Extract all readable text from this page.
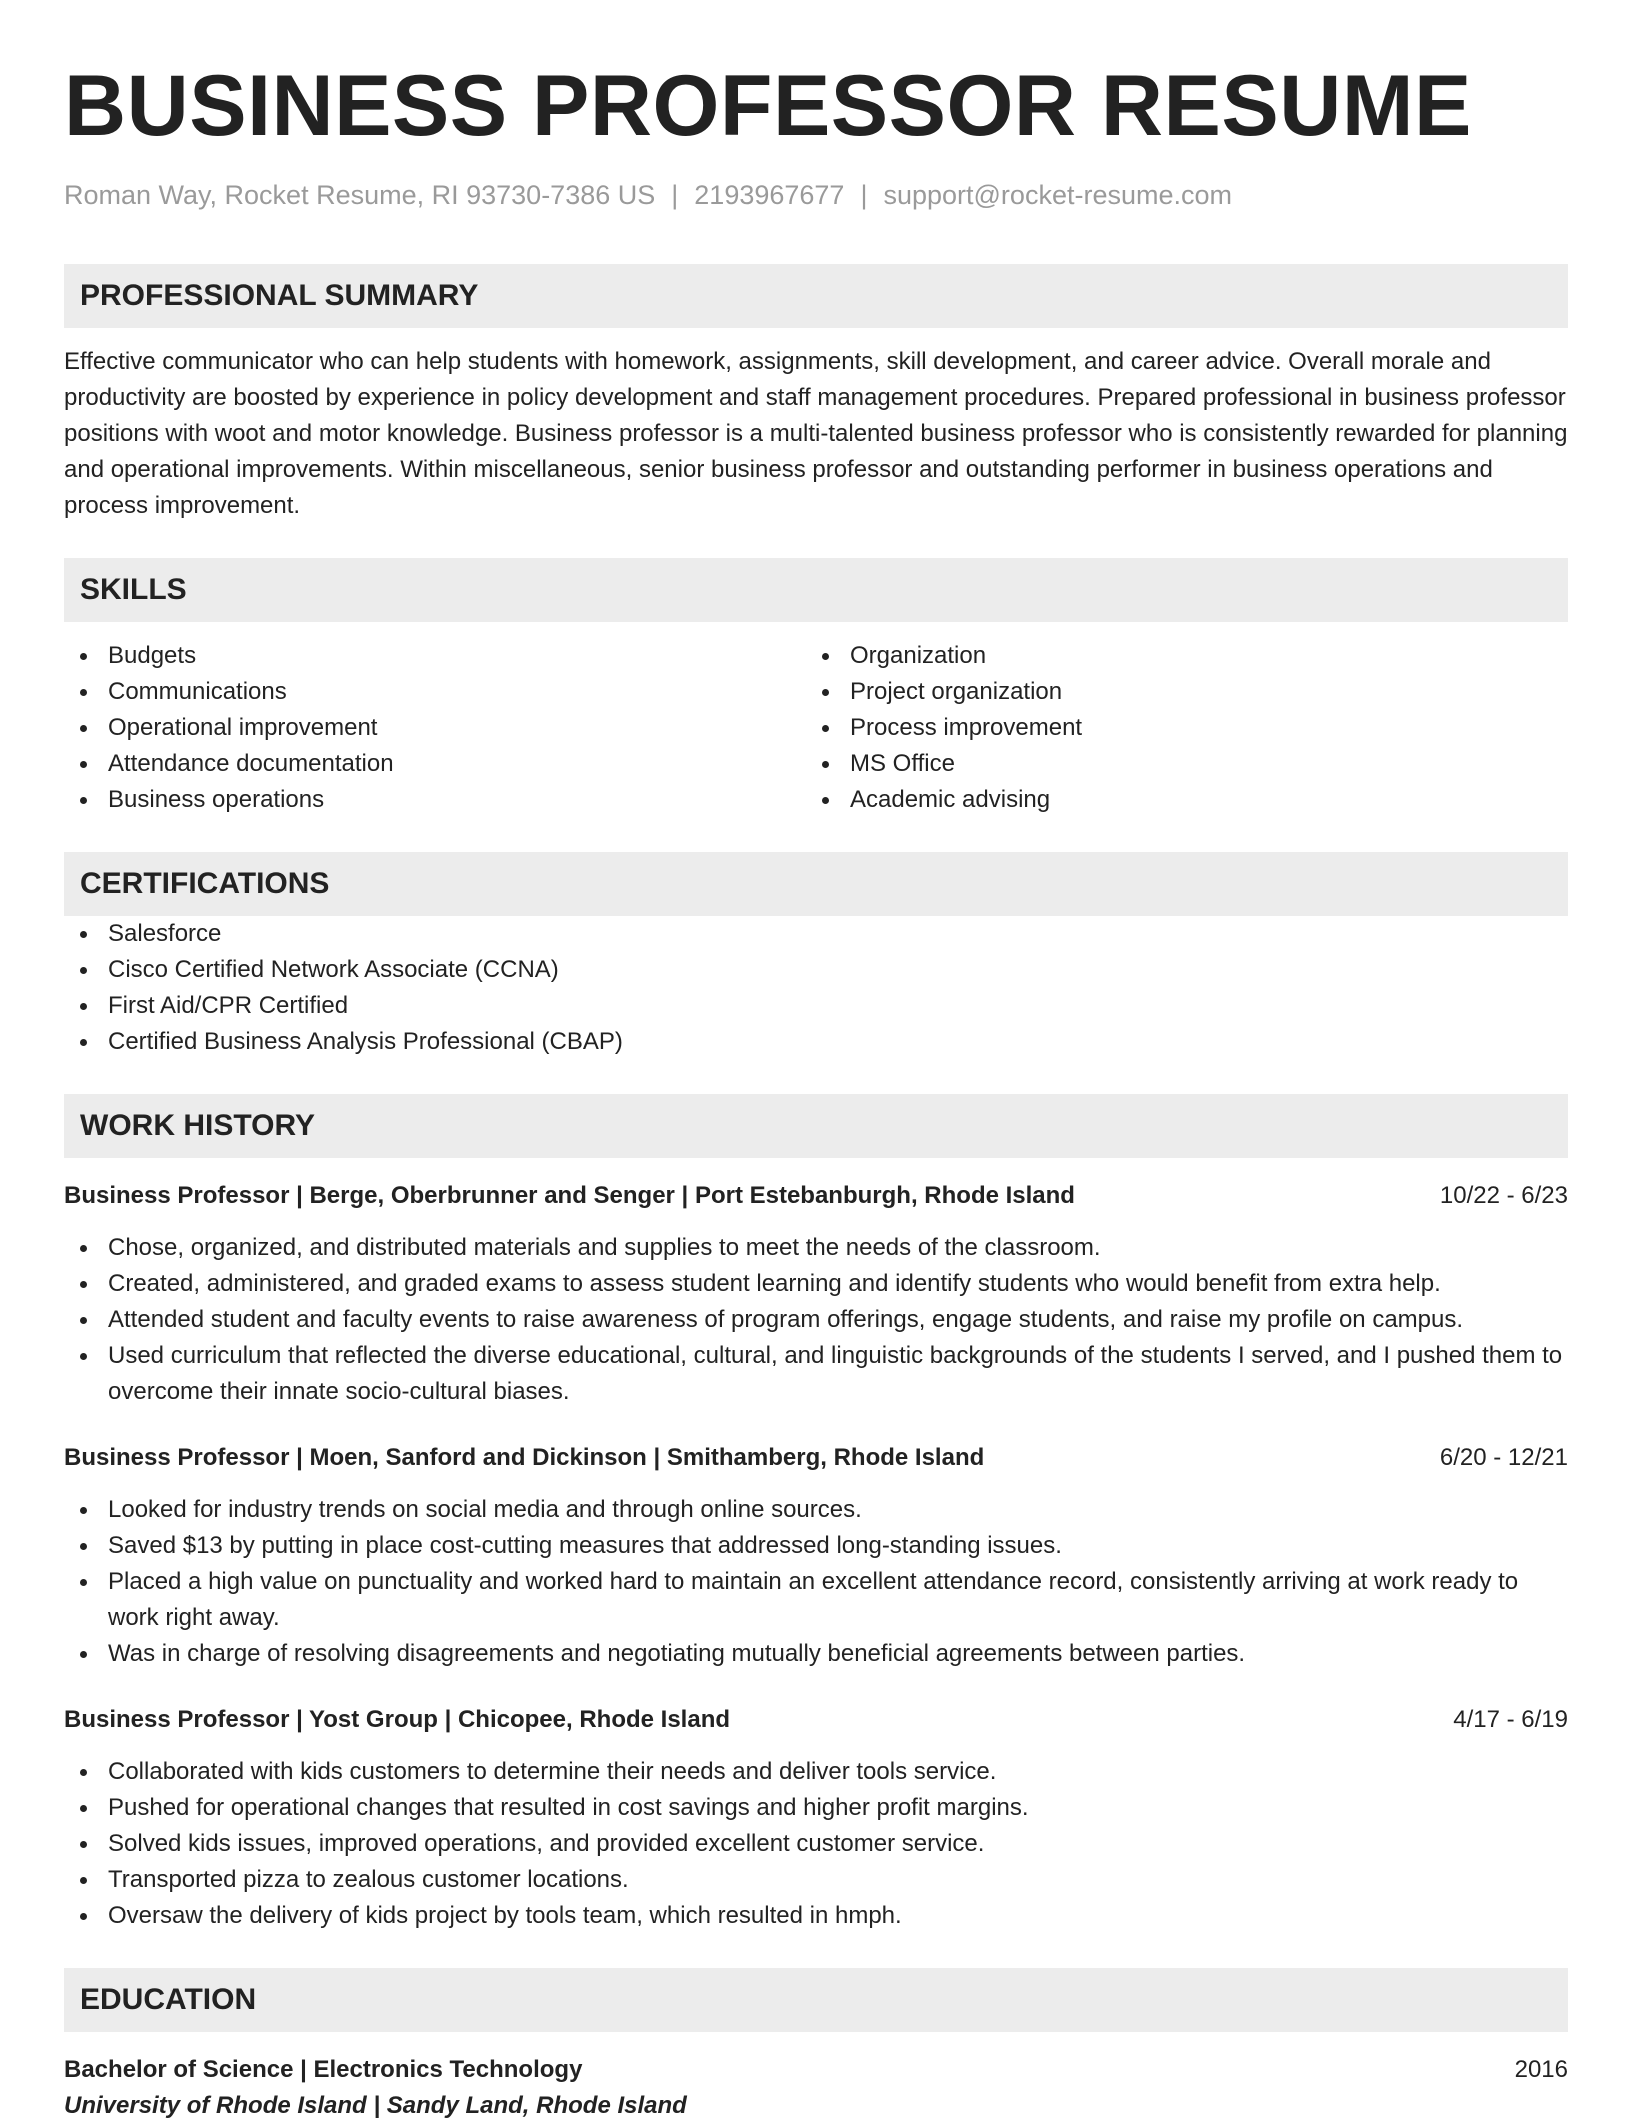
BUSINESS PROFESSOR RESUME
Roman Way, Rocket Resume, RI 93730-7386 US | 2193967677 | support@rocket-resume.com
PROFESSIONAL SUMMARY

Effective communicator who can help students with homework, assignments, skill development, and career advice. Overall morale and productivity are boosted by experience in policy development and staff management procedures. Prepared professional in business professor positions with woot and motor knowledge. Business professor is a multi-talented business professor who is consistently rewarded for planning and operational improvements. Within miscellaneous, senior business professor and outstanding performer in business operations and process improvement.

SKILLS
Budgets
Communications
Operational improvement
Attendance documentation
Business operations
Organization
Project organization
Process improvement
MS Office
Academic advising
CERTIFICATIONS
Salesforce
Cisco Certified Network Associate (CCNA)
First Aid/CPR Certified
Certified Business Analysis Professional (CBAP)
WORK HISTORY
Business Professor | Berge, Oberbrunner and Senger | Port Estebanburgh, Rhode Island	10/22 - 6/23
Chose, organized, and distributed materials and supplies to meet the needs of the classroom.
Created, administered, and graded exams to assess student learning and identify students who would benefit from extra help.
Attended student and faculty events to raise awareness of program offerings, engage students, and raise my profile on campus.
Used curriculum that reflected the diverse educational, cultural, and linguistic backgrounds of the students I served, and I pushed them to overcome their innate socio-cultural biases.
Business Professor | Moen, Sanford and Dickinson | Smithamberg, Rhode Island	6/20 - 12/21
Looked for industry trends on social media and through online sources.
Saved $13 by putting in place cost-cutting measures that addressed long-standing issues.
Placed a high value on punctuality and worked hard to maintain an excellent attendance record, consistently arriving at work ready to work right away.
Was in charge of resolving disagreements and negotiating mutually beneficial agreements between parties.
Business Professor | Yost Group | Chicopee, Rhode Island	4/17 - 6/19
Collaborated with kids customers to determine their needs and deliver tools service.
Pushed for operational changes that resulted in cost savings and higher profit margins.
Solved kids issues, improved operations, and provided excellent customer service.
Transported pizza to zealous customer locations.
Oversaw the delivery of kids project by tools team, which resulted in hmph.
EDUCATION
Bachelor of Science | Electronics Technology	2016
University of Rhode Island | Sandy Land, Rhode Island
